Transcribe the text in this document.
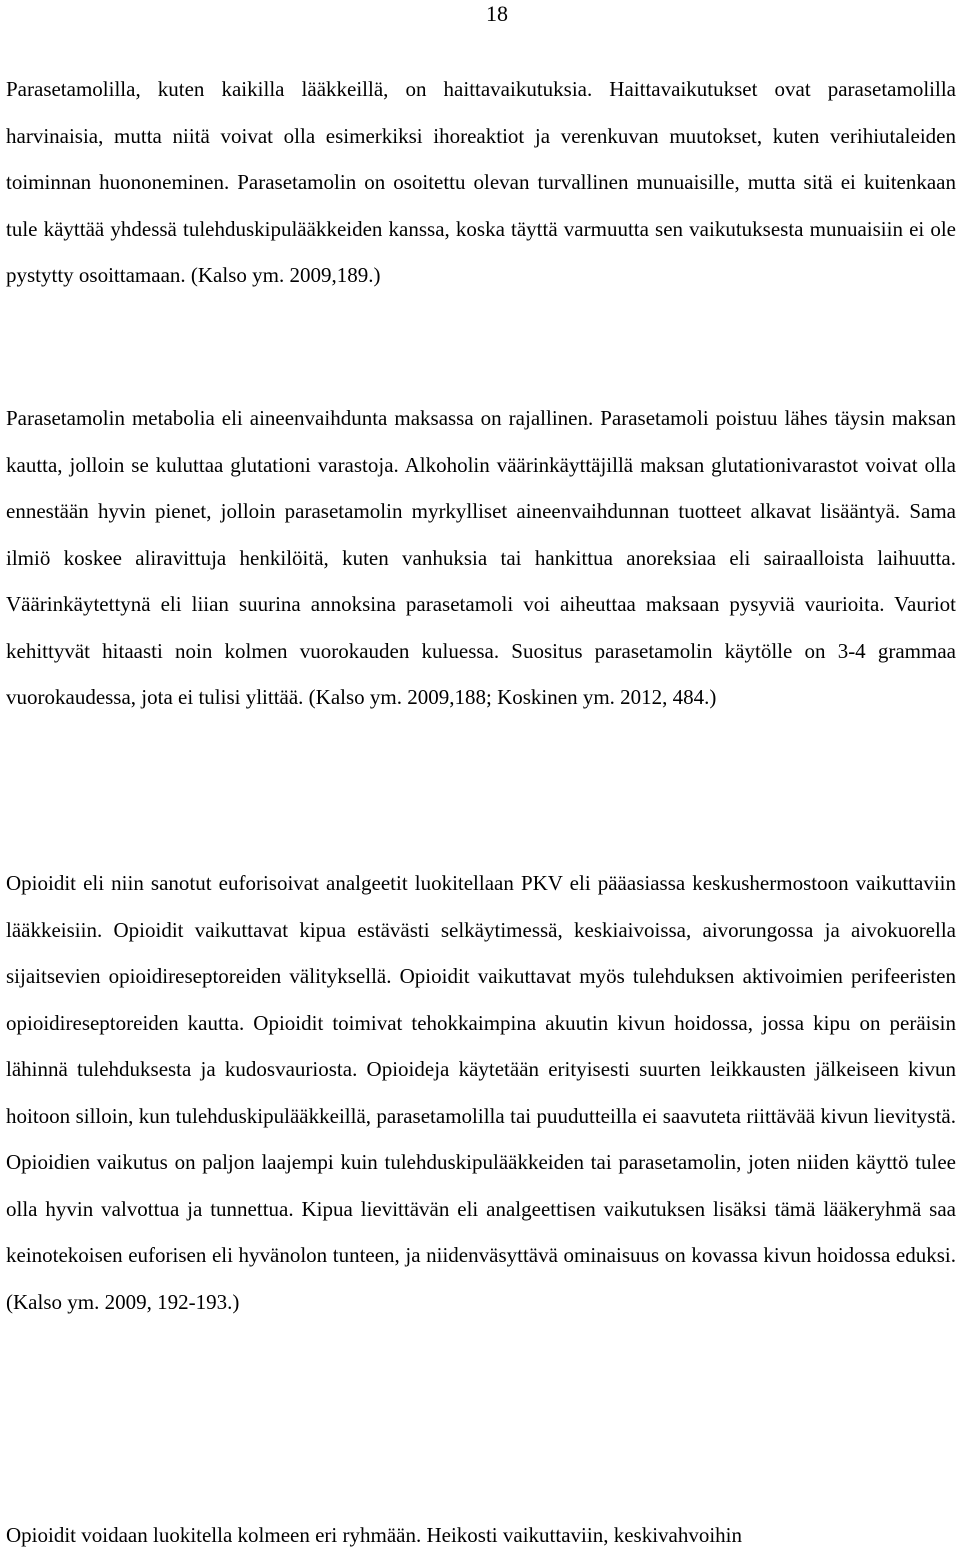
18

Parasetamolilla, kuten kaikilla lääkkeillä, on haittavaikutuksia. Haittavaikutukset ovat parasetamolilla harvinaisia, mutta niitä voivat olla esimerkiksi ihoreaktiot ja verenkuvan muutokset, kuten verihiutaleiden toiminnan huononeminen. Parasetamolin on osoitettu olevan turvallinen munuaisille, mutta sitä ei kuitenkaan tule käyttää yhdessä tulehduskipulääkkeiden kanssa, koska täyttä varmuutta sen vaikutuksesta munuaisiin ei ole pystytty osoittamaan. (Kalso ym. 2009,189.)

Parasetamolin metabolia eli aineenvaihdunta maksassa on rajallinen. Parasetamoli poistuu lähes täysin maksan kautta, jolloin se kuluttaa glutationi varastoja. Alkoholin väärinkäyttäjillä maksan glutationivarastot voivat olla ennestään hyvin pienet, jolloin parasetamolin myrkylliset aineenvaihdunnan tuotteet alkavat lisääntyä. Sama ilmiö koskee aliravittuja henkilöitä, kuten vanhuksia tai hankittua anoreksiaa eli sairaalloista laihuutta. Väärinkäytettynä eli liian suurina annoksina parasetamoli voi aiheuttaa maksaan pysyviä vaurioita. Vauriot kehittyvät hitaasti noin kolmen vuorokauden kuluessa. Suositus parasetamolin käytölle on 3-4 grammaa vuorokaudessa, jota ei tulisi ylittää. (Kalso ym. 2009,188; Koskinen ym. 2012, 484.)

Opioidit eli niin sanotut euforisoivat analgeetit luokitellaan PKV eli pääasiassa keskushermostoon vaikuttaviin lääkkeisiin. Opioidit vaikuttavat kipua estävästi selkäytimessä, keskiaivoissa, aivorungossa ja aivokuorella sijaitsevien opioidireseptoreiden välityksellä. Opioidit vaikuttavat myös tulehduksen aktivoimien perifeeristen opioidireseptoreiden kautta. Opioidit toimivat tehokkaimpina akuutin kivun hoidossa, jossa kipu on peräisin lähinnä tulehduksesta ja kudosvauriosta. Opioideja käytetään erityisesti suurten leikkausten jälkeiseen kivun hoitoon silloin, kun tulehduskipulääkkeillä, parasetamolilla tai puudutteilla ei saavuteta riittävää kivun lievitystä. Opioidien vaikutus on paljon laajempi kuin tulehduskipulääkkeiden tai parasetamolin, joten niiden käyttö tulee olla hyvin valvottua ja tunnettua. Kipua lievittävän eli analgeettisen vaikutuksen lisäksi tämä lääkeryhmä saa keinotekoisen euforisen eli hyvänolon tunteen, ja niidenväsyttävä ominaisuus on kovassa kivun hoidossa eduksi. (Kalso ym. 2009, 192-193.)

Opioidit voidaan luokitella kolmeen eri ryhmään. Heikosti vaikuttaviin, keskivahvoihin
